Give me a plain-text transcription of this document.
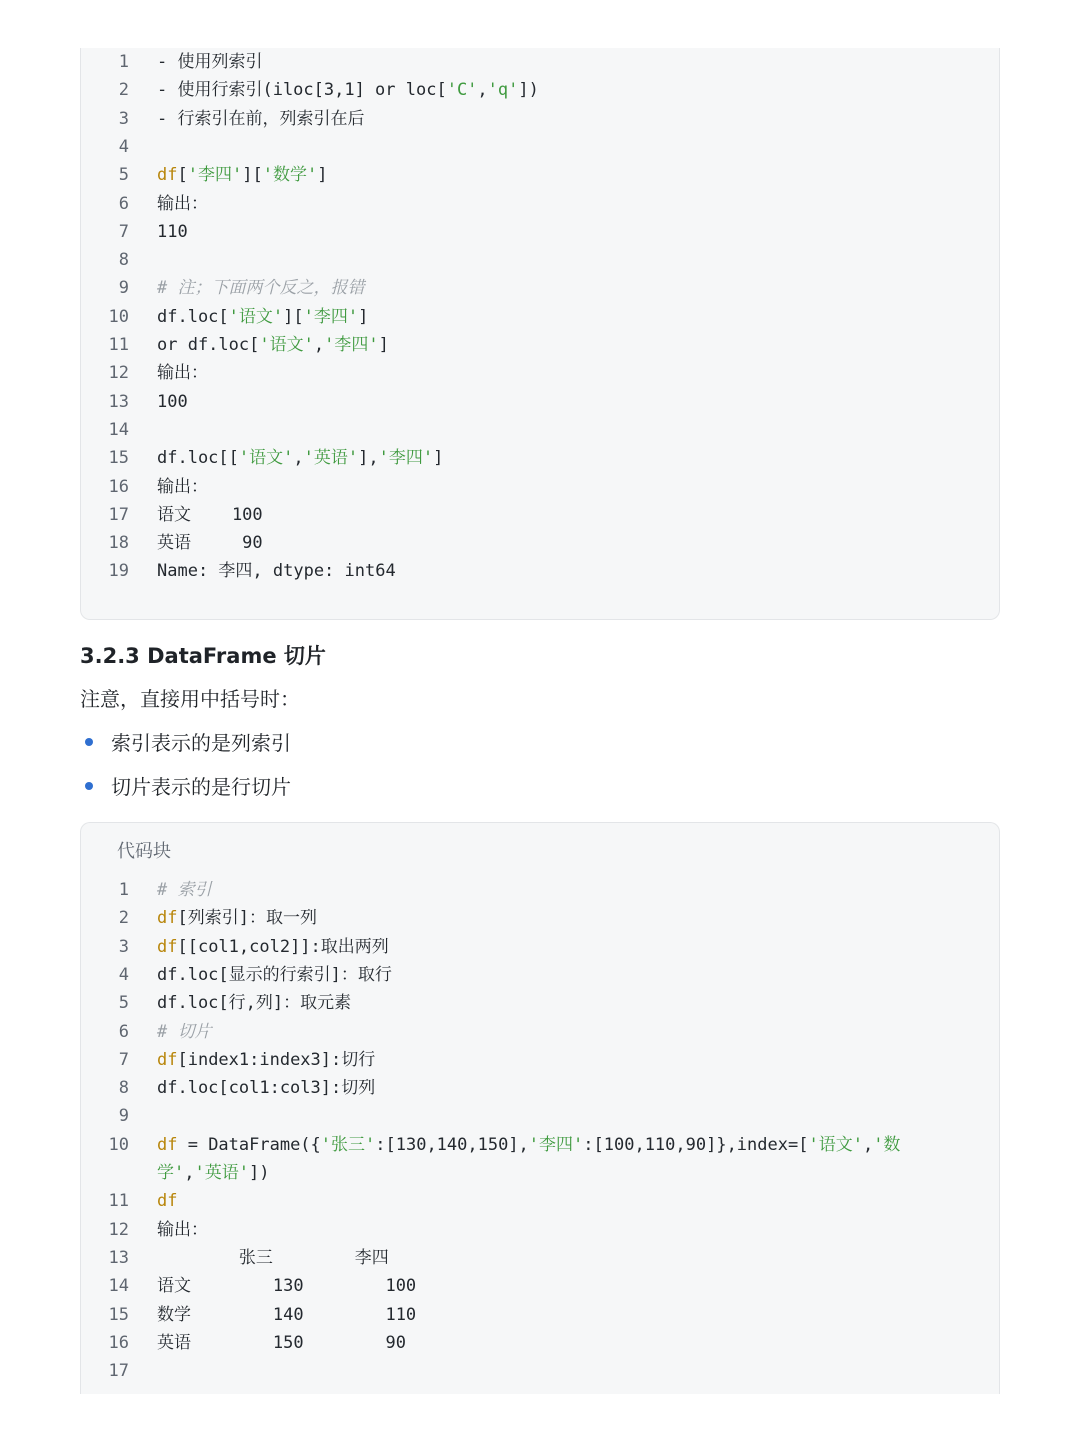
1 - 使用列索引
2 - 使用行索引(iloc[3,1] or loc['C','q'])
3 - 行索引在前，列索引在后
4
5 df['李四']['数学']
6 输出：
7 110
8
9 # 注；下面两个反之，报错
10 df.loc['语文']['李四']
11 or df.loc['语文','李四']
12 输出：
13 100
14
15 df.loc[['语文','英语'],'李四']
16 输出：
17 语文    100
18 英语     90
19 Name: 李四, dtype: int64
3.2.3 DataFrame 切片
注意，直接用中括号时：
索引表示的是列索引
切片表示的是行切片
代码块
1 # 索引
2 df[列索引]：取一列
3 df[[col1,col2]]:取出两列
4 df.loc[显示的行索引]：取行
5 df.loc[行,列]：取元素
6 # 切片
7 df[index1:index3]:切行
8 df.loc[col1:col3]:切列
9
10 df = DataFrame({'张三':[130,140,150],'李四':[100,110,90]},index=['语文','数
学','英语'])
11 df
12 输出：
13 张三        李四
14 语文        130        100
15 数学        140        110
16 英语        150        90
17
